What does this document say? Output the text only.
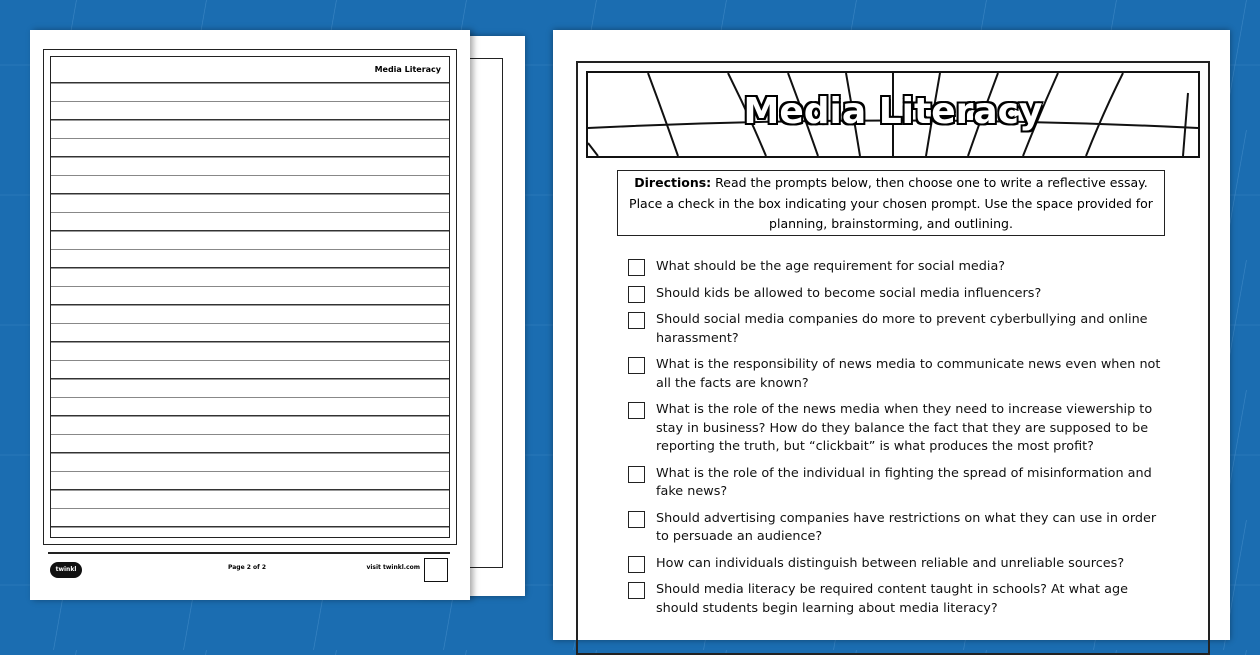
Media Literacy
twinkl	Page 2 of 2	visit twinkl.com
Media Literacy
Directions: Read the prompts below, then choose one to write a reflective essay. Place a check in the box indicating your chosen prompt. Use the space provided for planning, brainstorming, and outlining.
What should be the age requirement for social media?
Should kids be allowed to become social media influencers?
Should social media companies do more to prevent cyberbullying and online harassment?
What is the responsibility of news media to communicate news even when not all the facts are known?
What is the role of the news media when they need to increase viewership to stay in business? How do they balance the fact that they are supposed to be reporting the truth, but “clickbait” is what produces the most profit?
What is the role of the individual in fighting the spread of misinformation and fake news?
Should advertising companies have restrictions on what they can use in order to persuade an audience?
How can individuals distinguish between reliable and unreliable sources?
Should media literacy be required content taught in schools? At what age should students begin learning about media literacy?
